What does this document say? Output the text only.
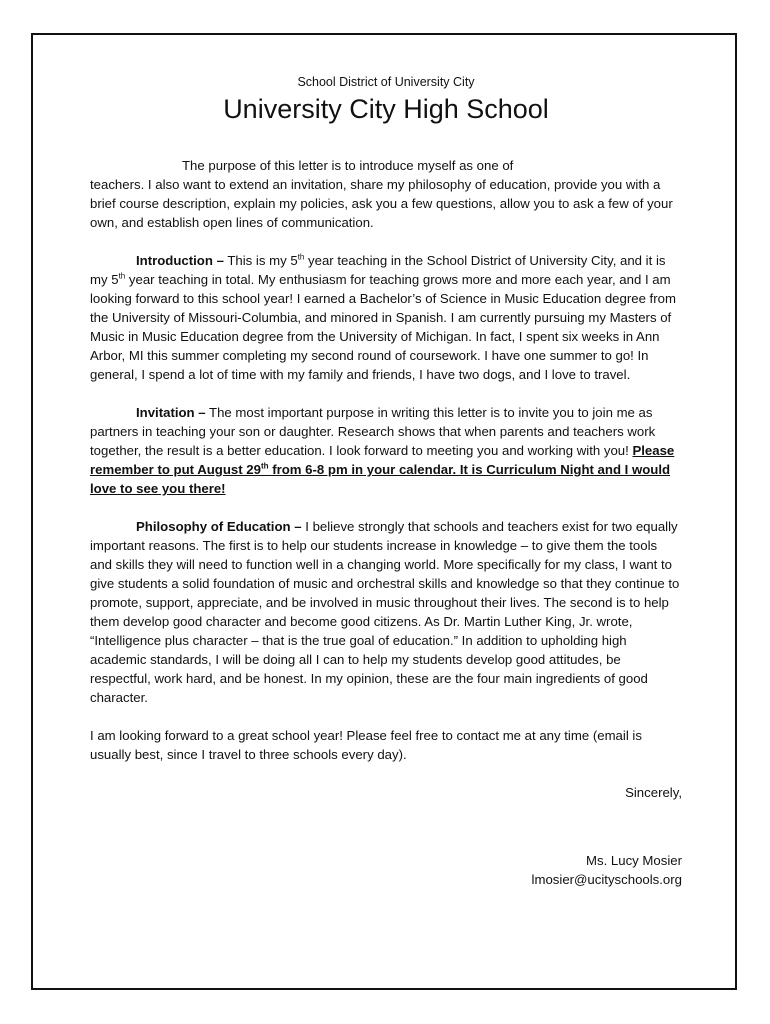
School District of University City
University City High School

The purpose of this letter is to introduce myself as one of
teachers. I also want to extend an invitation, share my philosophy of education, provide you with a brief course description, explain my policies, ask you a few questions, allow you to ask a few of your own, and establish open lines of communication.

Introduction – This is my 5th year teaching in the School District of University City, and it is my 5th year teaching in total. My enthusiasm for teaching grows more and more each year, and I am looking forward to this school year! I earned a Bachelor’s of Science in Music Education degree from the University of Missouri-Columbia, and minored in Spanish. I am currently pursuing my Masters of Music in Music Education degree from the University of Michigan. In fact, I spent six weeks in Ann Arbor, MI this summer completing my second round of coursework. I have one summer to go! In general, I spend a lot of time with my family and friends, I have two dogs, and I love to travel.

Invitation – The most important purpose in writing this letter is to invite you to join me as partners in teaching your son or daughter. Research shows that when parents and teachers work together, the result is a better education. I look forward to meeting you and working with you! Please remember to put August 29th from 6-8 pm in your calendar. It is Curriculum Night and I would love to see you there!

Philosophy of Education – I believe strongly that schools and teachers exist for two equally important reasons. The first is to help our students increase in knowledge – to give them the tools and skills they will need to function well in a changing world. More specifically for my class, I want to give students a solid foundation of music and orchestral skills and knowledge so that they continue to promote, support, appreciate, and be involved in music throughout their lives. The second is to help them develop good character and become good citizens. As Dr. Martin Luther King, Jr. wrote, “Intelligence plus character – that is the true goal of education.” In addition to upholding high academic standards, I will be doing all I can to help my students develop good attitudes, be respectful, work hard, and be honest. In my opinion, these are the four main ingredients of good character.

I am looking forward to a great school year! Please feel free to contact me at any time (email is usually best, since I travel to three schools every day).

Sincerely,

Ms. Lucy Mosier

lmosier@ucityschools.org
